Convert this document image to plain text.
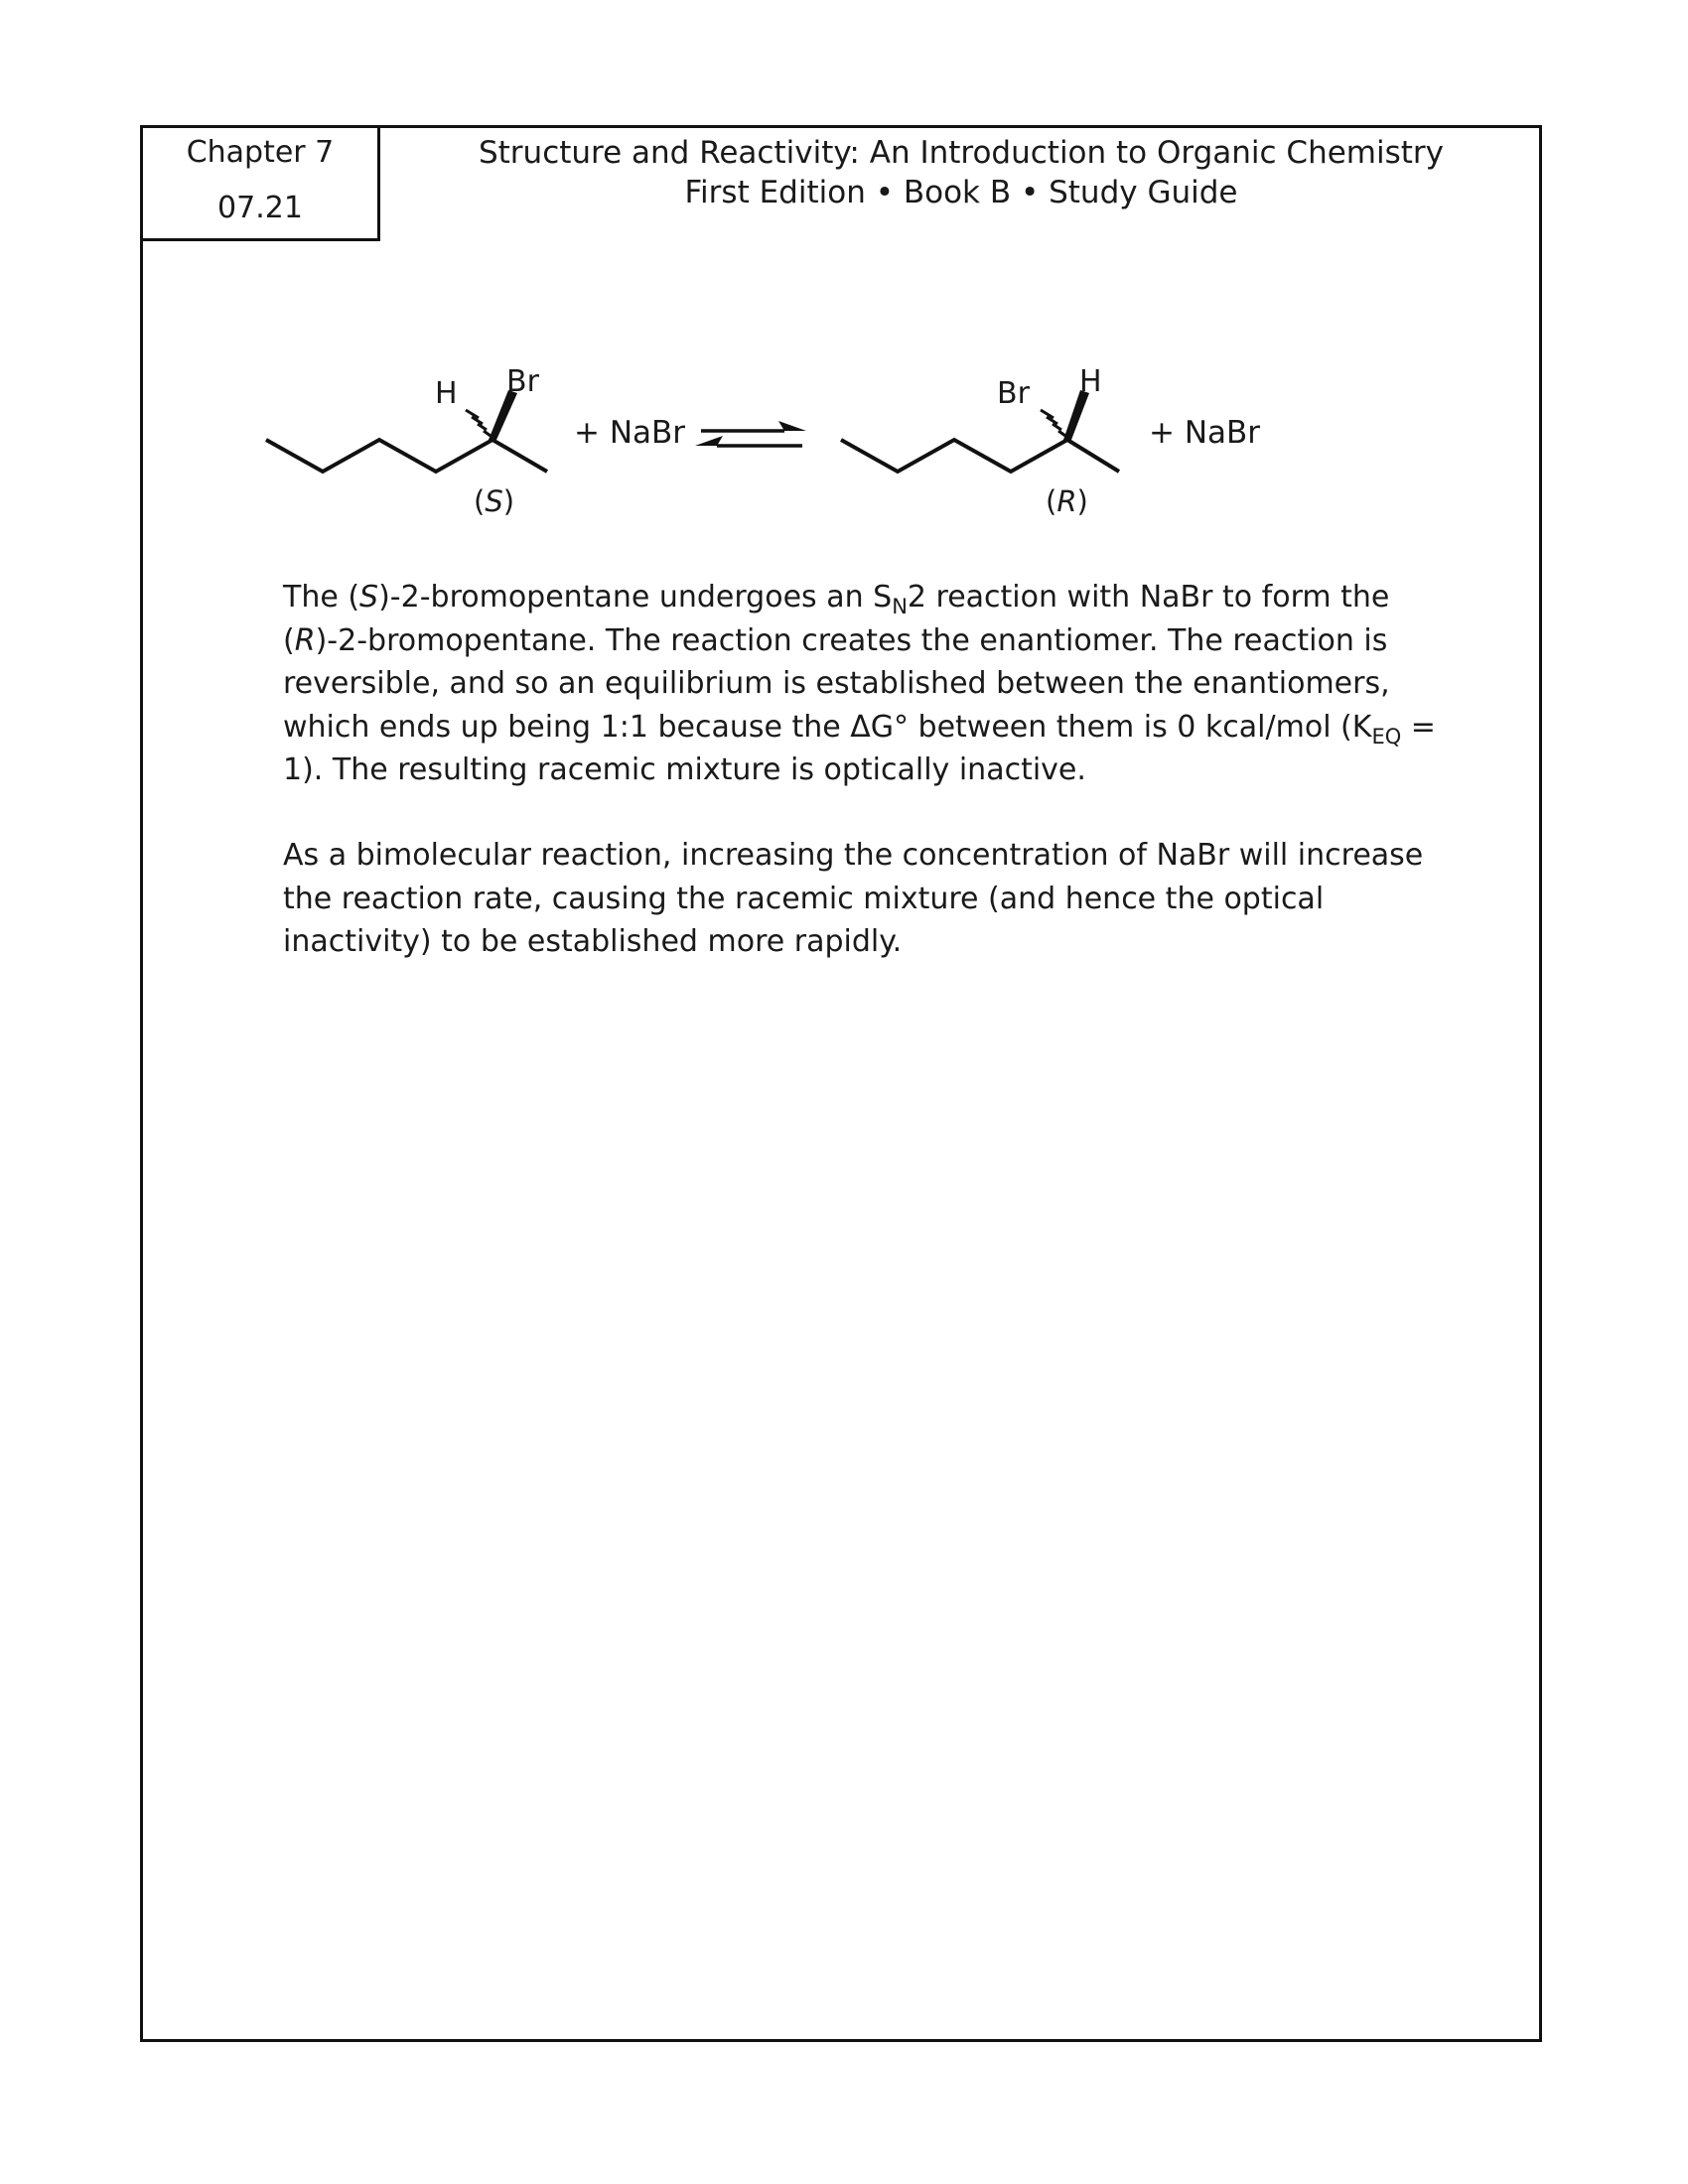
Chapter 7
07.21
Structure and Reactivity: An Introduction to Organic Chemistry
First Edition • Book B • Study Guide
H Br
(S)
+ NaBr
Br H
(R)
+ NaBr

The (S)-2-bromopentane undergoes an $S_N2$ reaction with NaBr to form the (R)-2-bromopentane. The reaction creates the enantiomer. The reaction is reversible, and so an equilibrium is established between the enantiomers, which ends up being 1:1 because the ΔG° between them is 0 kcal/mol $(K_{EQ} = 1)$. The resulting racemic mixture is optically inactive.

As a bimolecular reaction, increasing the concentration of NaBr will increase the reaction rate, causing the racemic mixture (and hence the optical inactivity) to be established more rapidly.
